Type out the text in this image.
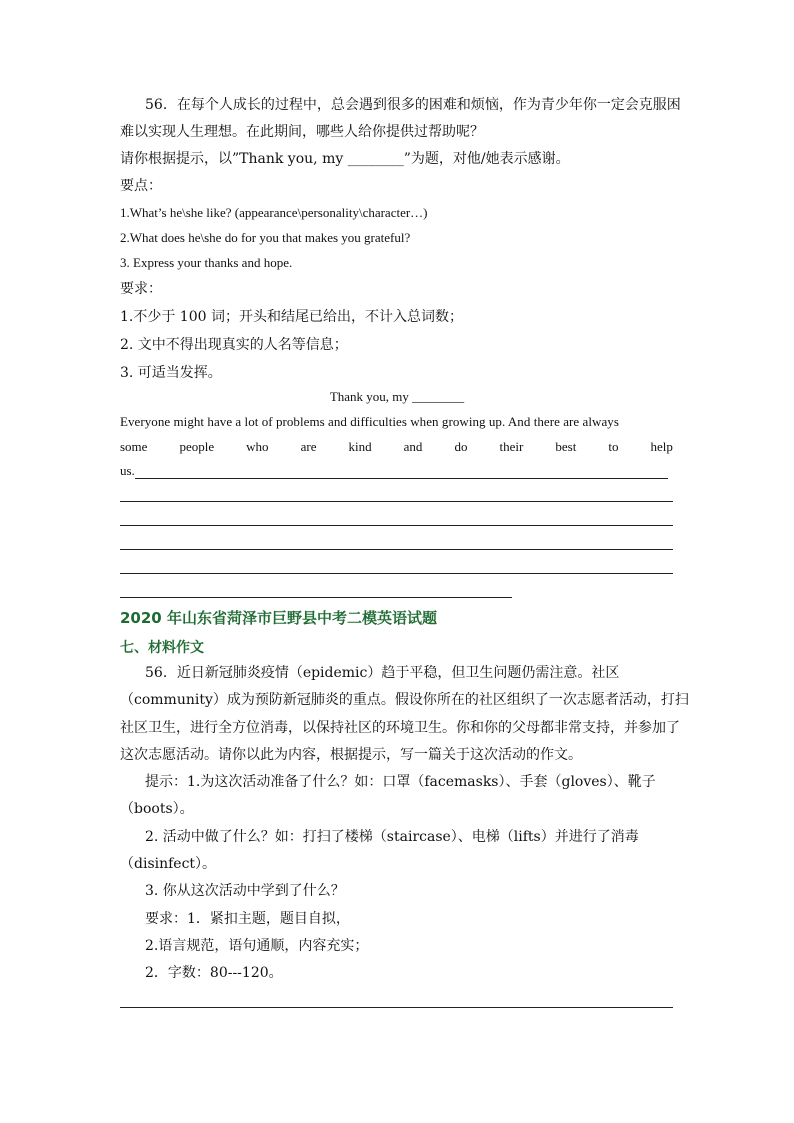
56．在每个人成长的过程中，总会遇到很多的困难和烦恼，作为青少年你一定会克服困
难以实现人生理想。在此期间，哪些人给你提供过帮助呢？
请你根据提示，以”Thank you, my ________”为题，对他/她表示感谢。
要点：
1.What’s he\she like? (appearance\personality\character…)
2.What does he\she do for you that makes you grateful?
3. Express your thanks and hope.
要求：
1.不少于 100 词；开头和结尾已给出，不计入总词数；
2. 文中不得出现真实的人名等信息；
3. 可适当发挥。
Thank you, my ________
Everyone might have a lot of problems and difficulties when growing up. And there are always
some people who are kind and do their best to help
us.
2020 年山东省菏泽市巨野县中考二模英语试题
七、材料作文
56．近日新冠肺炎疫情（epidemic）趋于平稳，但卫生问题仍需注意。社区
（community）成为预防新冠肺炎的重点。假设你所在的社区组织了一次志愿者活动，打扫
社区卫生，进行全方位消毒，以保持社区的环境卫生。你和你的父母都非常支持，并参加了
这次志愿活动。请你以此为内容，根据提示，写一篇关于这次活动的作文。
提示：1.为这次活动准备了什么？如：口罩（facemasks）、手套（gloves）、靴子
（boots）。
2. 活动中做了什么？如：打扫了楼梯（staircase）、电梯（lifts）并进行了消毒
（disinfect）。
3. 你从这次活动中学到了什么？
要求：1．紧扣主题，题目自拟，
2.语言规范，语句通顺，内容充实；
2．字数：80---120。
